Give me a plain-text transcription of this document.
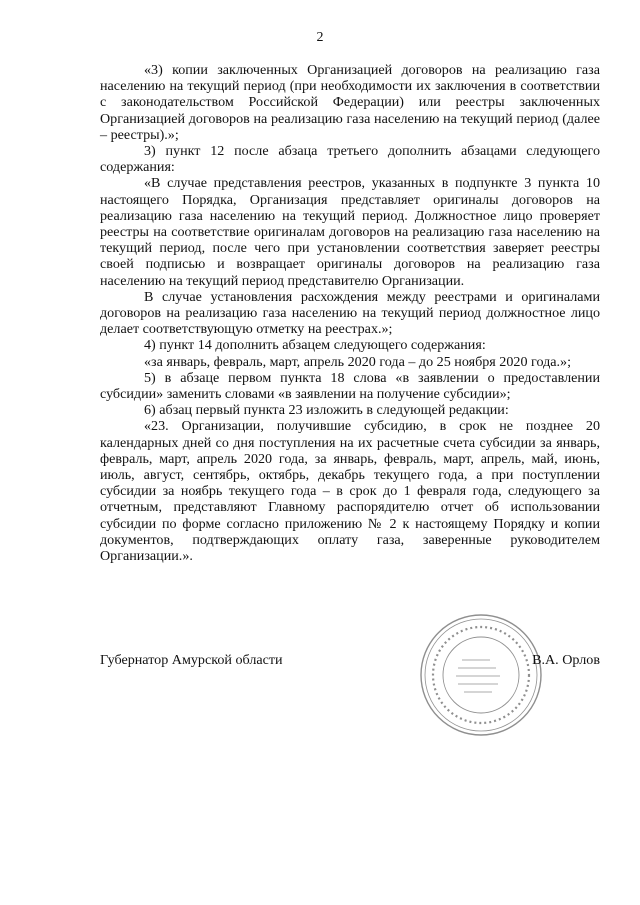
2

«3) копии заключенных Организацией договоров на реализацию газа населению на текущий период (при необходимости их заключения в соответствии с законодательством Российской Федерации) или реестры заключенных Организацией договоров на реализацию газа населению на текущий период (далее – реестры).»;

3) пункт 12 после абзаца третьего дополнить абзацами следующего содержания:

«В случае представления реестров, указанных в подпункте 3 пункта 10 настоящего Порядка, Организация представляет оригиналы договоров на реализацию газа населению на текущий период. Должностное лицо проверяет реестры на соответствие оригиналам договоров на реализацию газа населению на текущий период, после чего при установлении соответствия заверяет реестры своей подписью и возвращает оригиналы договоров на реализацию газа населению на текущий период представителю Организации.

В случае установления расхождения между реестрами и оригиналами договоров на реализацию газа населению на текущий период должностное лицо делает соответствующую отметку на реестрах.»;

4) пункт 14 дополнить абзацем следующего содержания:

«за январь, февраль, март, апрель 2020 года – до 25 ноября 2020 года.»;

5) в абзаце первом пункта 18 слова «в заявлении о предоставлении субсидии» заменить словами «в заявлении на получение субсидии»;

6) абзац первый пункта 23 изложить в следующей редакции:

«23. Организации, получившие субсидию, в срок не позднее 20 календарных дней со дня поступления на их расчетные счета субсидии за январь, февраль, март, апрель 2020 года, за январь, февраль, март, апрель, май, июнь, июль, август, сентябрь, октябрь, декабрь текущего года, а при поступлении субсидии за ноябрь текущего года – в срок до 1 февраля года, следующего за отчетным, представляют Главному распорядителю отчет об использовании субсидии по форме согласно приложению № 2 к настоящему Порядку и копии документов, подтверждающих оплату газа, заверенные руководителем Организации.».

Губернатор Амурской области	В.А. Орлов
